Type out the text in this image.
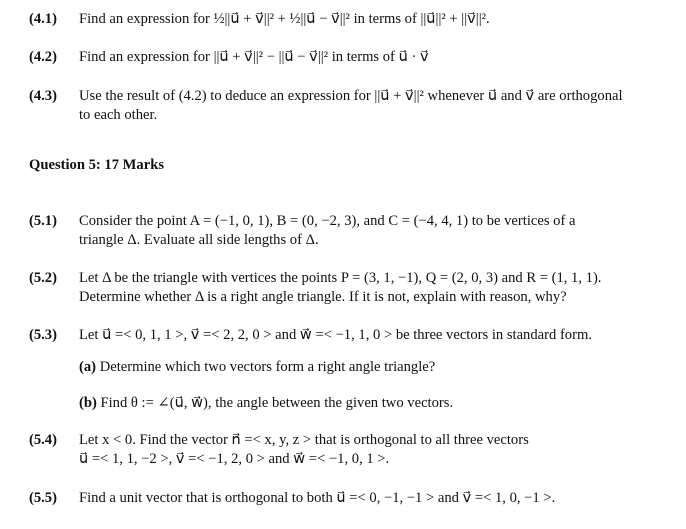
(4.1) Find an expression for ½||u⃗ + v⃗||² + ½||u⃗ − v⃗||² in terms of ||u⃗||² + ||v⃗||².
(4.2) Find an expression for ||u⃗ + v⃗||² − ||u⃗ − v⃗||² in terms of u⃗ · v⃗
(4.3) Use the result of (4.2) to deduce an expression for ||u⃗ + v⃗||² whenever u⃗ and v⃗ are orthogonal
to each other.
Question 5: 17 Marks
(5.1) Consider the point A = (−1, 0, 1), B = (0, −2, 3), and C = (−4, 4, 1) to be vertices of a
triangle Δ. Evaluate all side lengths of Δ.
(5.2) Let Δ be the triangle with vertices the points P = (3, 1, −1), Q = (2, 0, 3) and R = (1, 1, 1).
Determine whether Δ is a right angle triangle. If it is not, explain with reason, why?
(5.3) Let u⃗ =< 0, 1, 1 >, v⃗ =< 2, 2, 0 > and w⃗ =< −1, 1, 0 > be three vectors in standard form.
(a) Determine which two vectors form a right angle triangle?
(b) Find θ := ∠(u⃗, w⃗), the angle between the given two vectors.
(5.4) Let x < 0. Find the vector n⃗ =< x, y, z > that is orthogonal to all three vectors
u⃗ =< 1, 1, −2 >, v⃗ =< −1, 2, 0 > and w⃗ =< −1, 0, 1 >.
(5.5) Find a unit vector that is orthogonal to both u⃗ =< 0, −1, −1 > and v⃗ =< 1, 0, −1 >.
